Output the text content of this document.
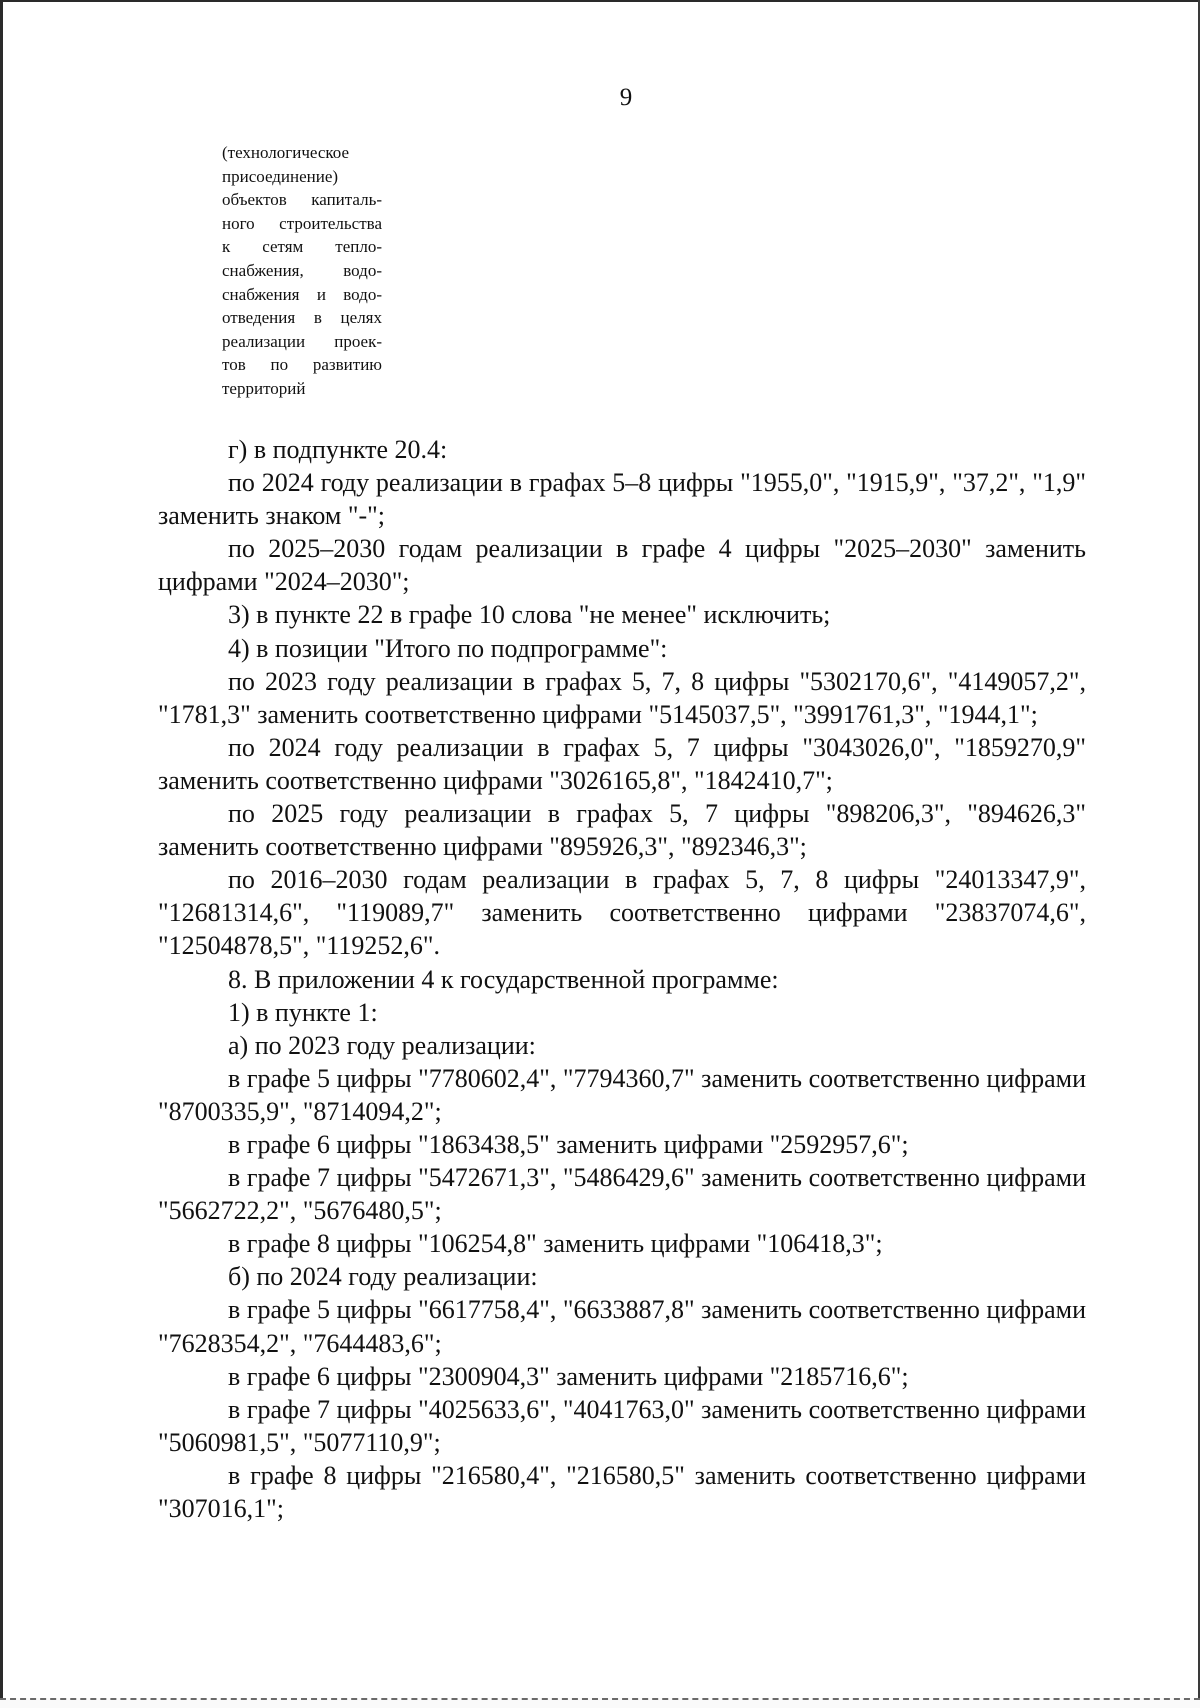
9
(технологическое
присоединение)
объектов капиталь-
ного строительства
к сетям тепло-
снабжения, водо-
снабжения и водо-
отведения в целях
реализации проек-
тов по развитию
территорий

г) в подпункте 20.4:

по 2024 году реализации в графах 5–8 цифры "1955,0", "1915,9", "37,2", "1,9" заменить знаком "-";

по 2025–2030 годам реализации в графе 4 цифры "2025–2030" заменить цифрами "2024–2030";

3) в пункте 22 в графе 10 слова "не менее" исключить;

4) в позиции "Итого по подпрограмме":

по 2023 году реализации в графах 5, 7, 8 цифры "5302170,6", "4149057,2", "1781,3" заменить соответственно цифрами "5145037,5", "3991761,3", "1944,1";

по 2024 году реализации в графах 5, 7 цифры "3043026,0", "1859270,9" заменить соответственно цифрами "3026165,8", "1842410,7";

по 2025 году реализации в графах 5, 7 цифры "898206,3", "894626,3" заменить соответственно цифрами "895926,3", "892346,3";

по 2016–2030 годам реализации в графах 5, 7, 8 цифры "24013347,9", "12681314,6", "119089,7" заменить соответственно цифрами "23837074,6", "12504878,5", "119252,6".

8. В приложении 4 к государственной программе:

1) в пункте 1:

а) по 2023 году реализации:

в графе 5 цифры "7780602,4", "7794360,7" заменить соответственно цифрами "8700335,9", "8714094,2";

в графе 6 цифры "1863438,5" заменить цифрами "2592957,6";

в графе 7 цифры "5472671,3", "5486429,6" заменить соответственно цифрами "5662722,2", "5676480,5";

в графе 8 цифры "106254,8" заменить цифрами "106418,3";

б) по 2024 году реализации:

в графе 5 цифры "6617758,4", "6633887,8" заменить соответственно цифрами "7628354,2", "7644483,6";

в графе 6 цифры "2300904,3" заменить цифрами "2185716,6";

в графе 7 цифры "4025633,6", "4041763,0" заменить соответственно цифрами "5060981,5", "5077110,9";

в графе 8 цифры "216580,4", "216580,5" заменить соответственно цифрами "307016,1";
